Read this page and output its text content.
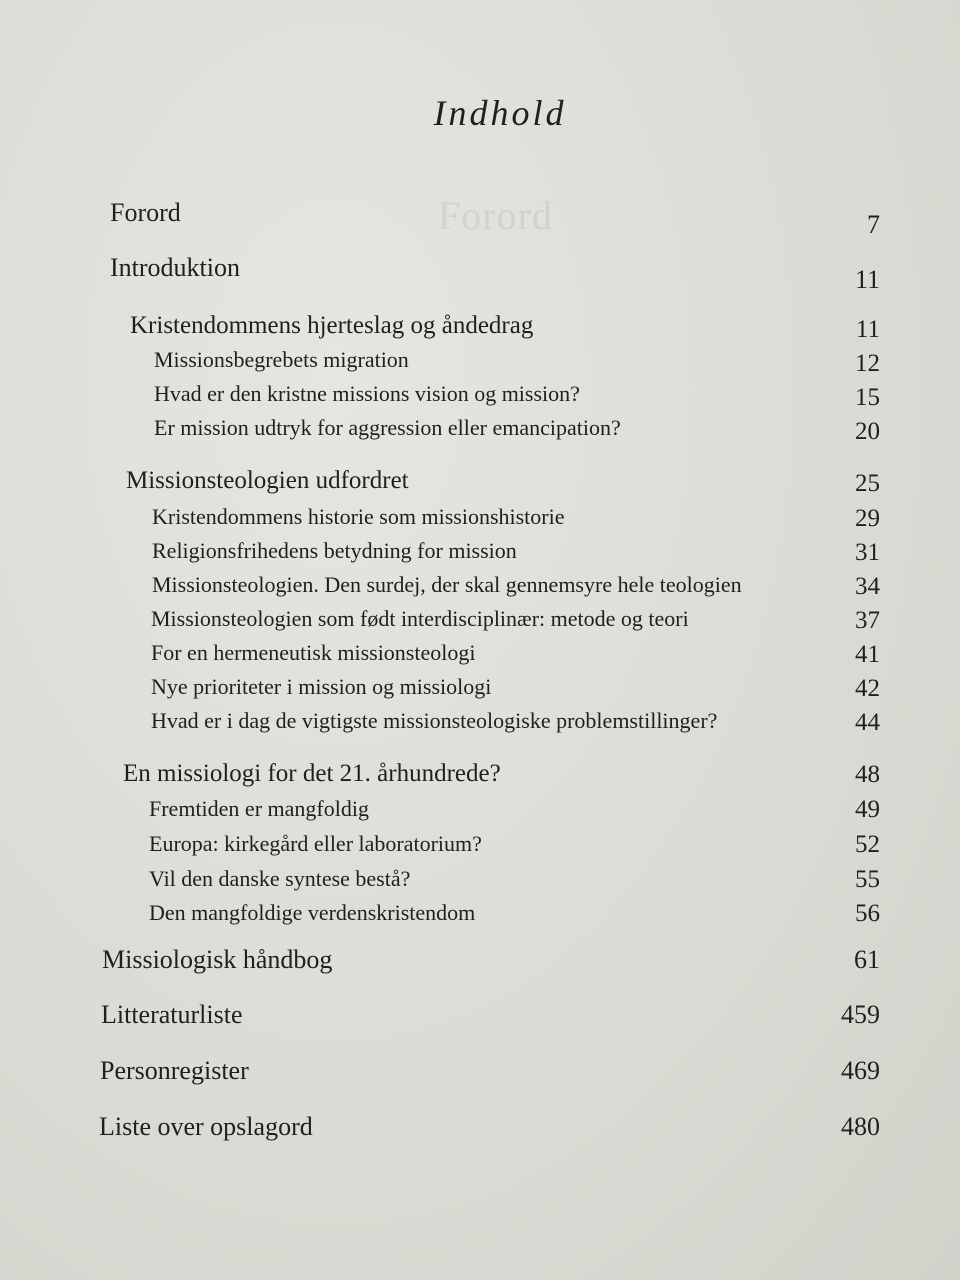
Forord
Indhold
Forord	7
Introduktion	11
Kristendommens hjerteslag og åndedrag	11
Missionsbegrebets migration	12
Hvad er den kristne missions vision og mission?	15
Er mission udtryk for aggression eller emancipation?	20
Missionsteologien udfordret	25
Kristendommens historie som missionshistorie	29
Religionsfrihedens betydning for mission	31
Missionsteologien. Den surdej, der skal gennemsyre hele teologien	34
Missionsteologien som født interdisciplinær: metode og teori	37
For en hermeneutisk missionsteologi	41
Nye prioriteter i mission og missiologi	42
Hvad er i dag de vigtigste missionsteologiske problemstillinger?	44
En missiologi for det 21. århundrede?	48
Fremtiden er mangfoldig	49
Europa: kirkegård eller laboratorium?	52
Vil den danske syntese bestå?	55
Den mangfoldige verdenskristendom	56
Missiologisk håndbog	61
Litteraturliste	459
Personregister	469
Liste over opslagord	480
